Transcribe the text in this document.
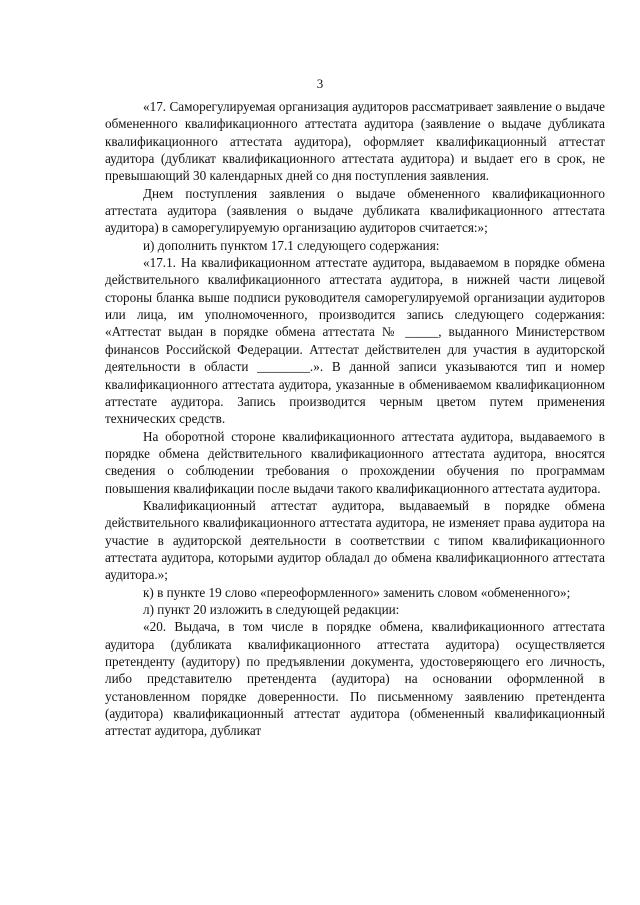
3

«17. Саморегулируемая организация аудиторов рассматривает заявление о выдаче обмененного квалификационного аттестата аудитора (заявление о выдаче дубликата квалификационного аттестата аудитора), оформляет квалификационный аттестат аудитора (дубликат квалификационного аттестата аудитора) и выдает его в срок, не превышающий 30 календарных дней со дня поступления заявления.

Днем поступления заявления о выдаче обмененного квалификационного аттестата аудитора (заявления о выдаче дубликата квалификационного аттестата аудитора) в саморегулируемую организацию аудиторов считается:»;

и) дополнить пунктом 17.1 следующего содержания:

«17.1. На квалификационном аттестате аудитора, выдаваемом в порядке обмена действительного квалификационного аттестата аудитора, в нижней части лицевой стороны бланка выше подписи руководителя саморегулируемой организации аудиторов или лица, им уполномоченного, производится запись следующего содержания: «Аттестат выдан в порядке обмена аттестата № _____, выданного Министерством финансов Российской Федерации. Аттестат действителен для участия в аудиторской деятельности в области ________.». В данной записи указываются тип и номер квалификационного аттестата аудитора, указанные в обмениваемом квалификационном аттестате аудитора. Запись производится черным цветом путем применения технических средств.

На оборотной стороне квалификационного аттестата аудитора, выдаваемого в порядке обмена действительного квалификационного аттестата аудитора, вносятся сведения о соблюдении требования о прохождении обучения по программам повышения квалификации после выдачи такого квалификационного аттестата аудитора.

Квалификационный аттестат аудитора, выдаваемый в порядке обмена действительного квалификационного аттестата аудитора, не изменяет права аудитора на участие в аудиторской деятельности в соответствии с типом квалификационного аттестата аудитора, которыми аудитор обладал до обмена квалификационного аттестата аудитора.»;

к) в пункте 19 слово «переоформленного» заменить словом «обмененного»;

л) пункт 20 изложить в следующей редакции:

«20. Выдача, в том числе в порядке обмена, квалификационного аттестата аудитора (дубликата квалификационного аттестата аудитора) осуществляется претенденту (аудитору) по предъявлении документа, удостоверяющего его личность, либо представителю претендента (аудитора) на основании оформленной в установленном порядке доверенности. По письменному заявлению претендента (аудитора) квалификационный аттестат аудитора (обмененный квалификационный аттестат аудитора, дубликат
